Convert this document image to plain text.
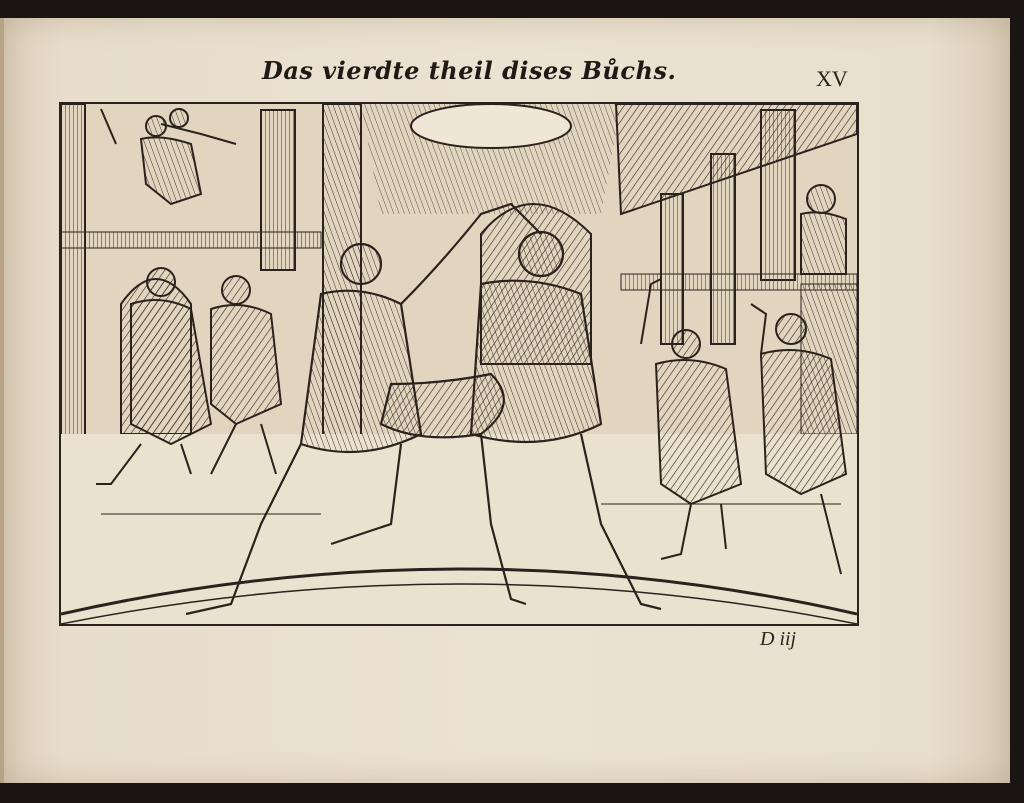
Das vierdte theil dises Bůchs.	XV
D iij
